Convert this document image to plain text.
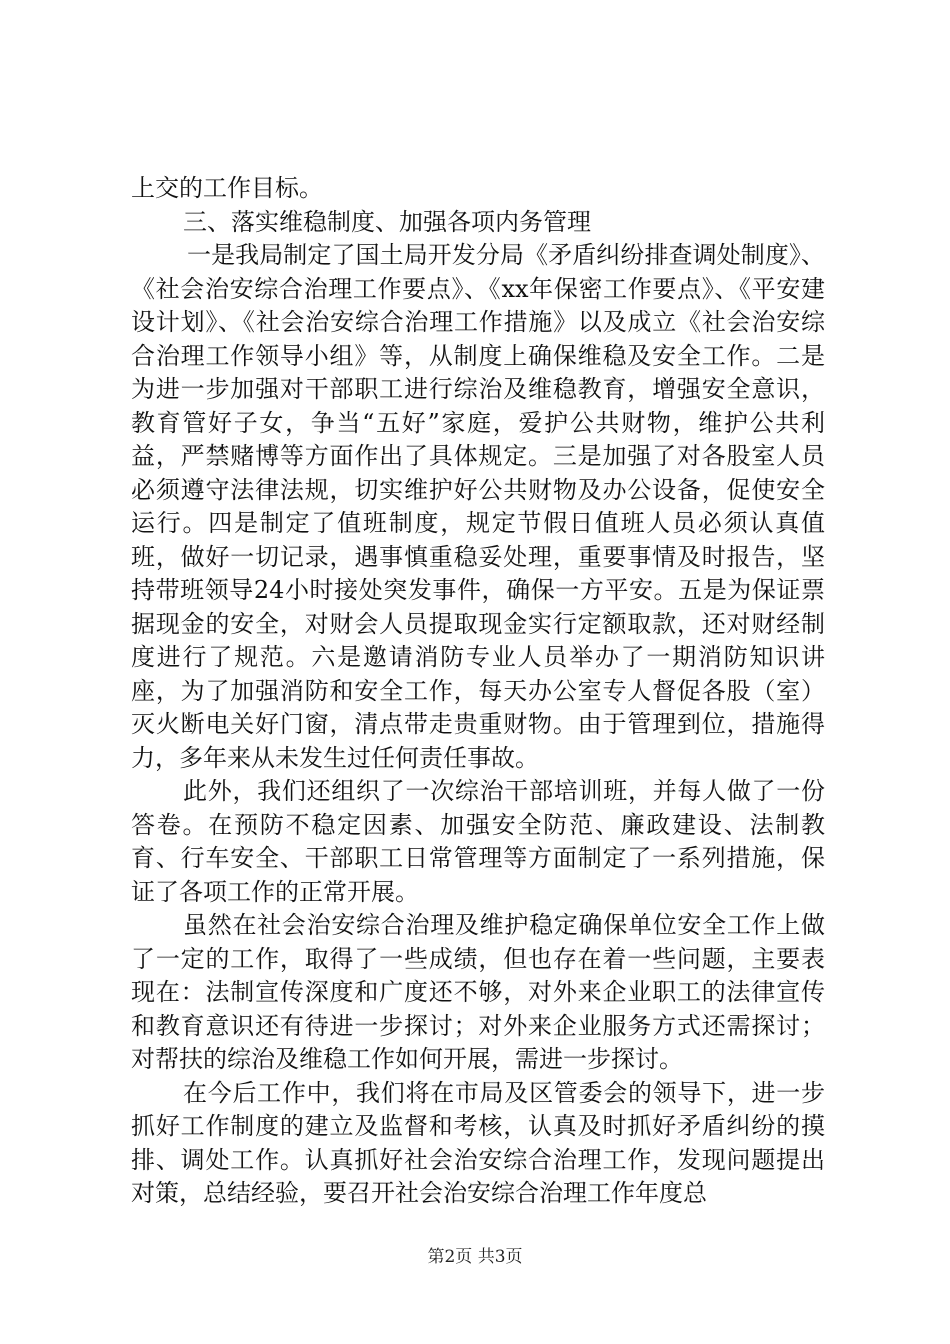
上交的工作目标。

三、落实维稳制度、加强各项内务管理

一是我局制定了国土局开发分局《矛盾纠纷排查调处制度》、《社会治安综合治理工作要点》、《xx年保密工作要点》、《平安建设计划》、《社会治安综合治理工作措施》以及成立《社会治安综合治理工作领导小组》等，从制度上确保维稳及安全工作。二是为进一步加强对干部职工进行综治及维稳教育，增强安全意识，教育管好子女，争当“五好”家庭，爱护公共财物，维护公共利益，严禁赌博等方面作出了具体规定。三是加强了对各股室人员必须遵守法律法规，切实维护好公共财物及办公设备，促使安全运行。四是制定了值班制度，规定节假日值班人员必须认真值班，做好一切记录，遇事慎重稳妥处理，重要事情及时报告，坚持带班领导24小时接处突发事件，确保一方平安。五是为保证票据现金的安全，对财会人员提取现金实行定额取款，还对财经制度进行了规范。六是邀请消防专业人员举办了一期消防知识讲座，为了加强消防和安全工作，每天办公室专人督促各股（室）灭火断电关好门窗，清点带走贵重财物。由于管理到位，措施得力，多年来从未发生过任何责任事故。

此外，我们还组织了一次综治干部培训班，并每人做了一份答卷。在预防不稳定因素、加强安全防范、廉政建设、法制教育、行车安全、干部职工日常管理等方面制定了一系列措施，保证了各项工作的正常开展。

虽然在社会治安综合治理及维护稳定确保单位安全工作上做了一定的工作，取得了一些成绩，但也存在着一些问题，主要表现在：法制宣传深度和广度还不够，对外来企业职工的法律宣传和教育意识还有待进一步探讨；对外来企业服务方式还需探讨；对帮扶的综治及维稳工作如何开展，需进一步探讨。

在今后工作中，我们将在市局及区管委会的领导下，进一步抓好工作制度的建立及监督和考核，认真及时抓好矛盾纠纷的摸排、调处工作。认真抓好社会治安综合治理工作，发现问题提出对策，总结经验，要召开社会治安综合治理工作年度总

第2页 共3页
